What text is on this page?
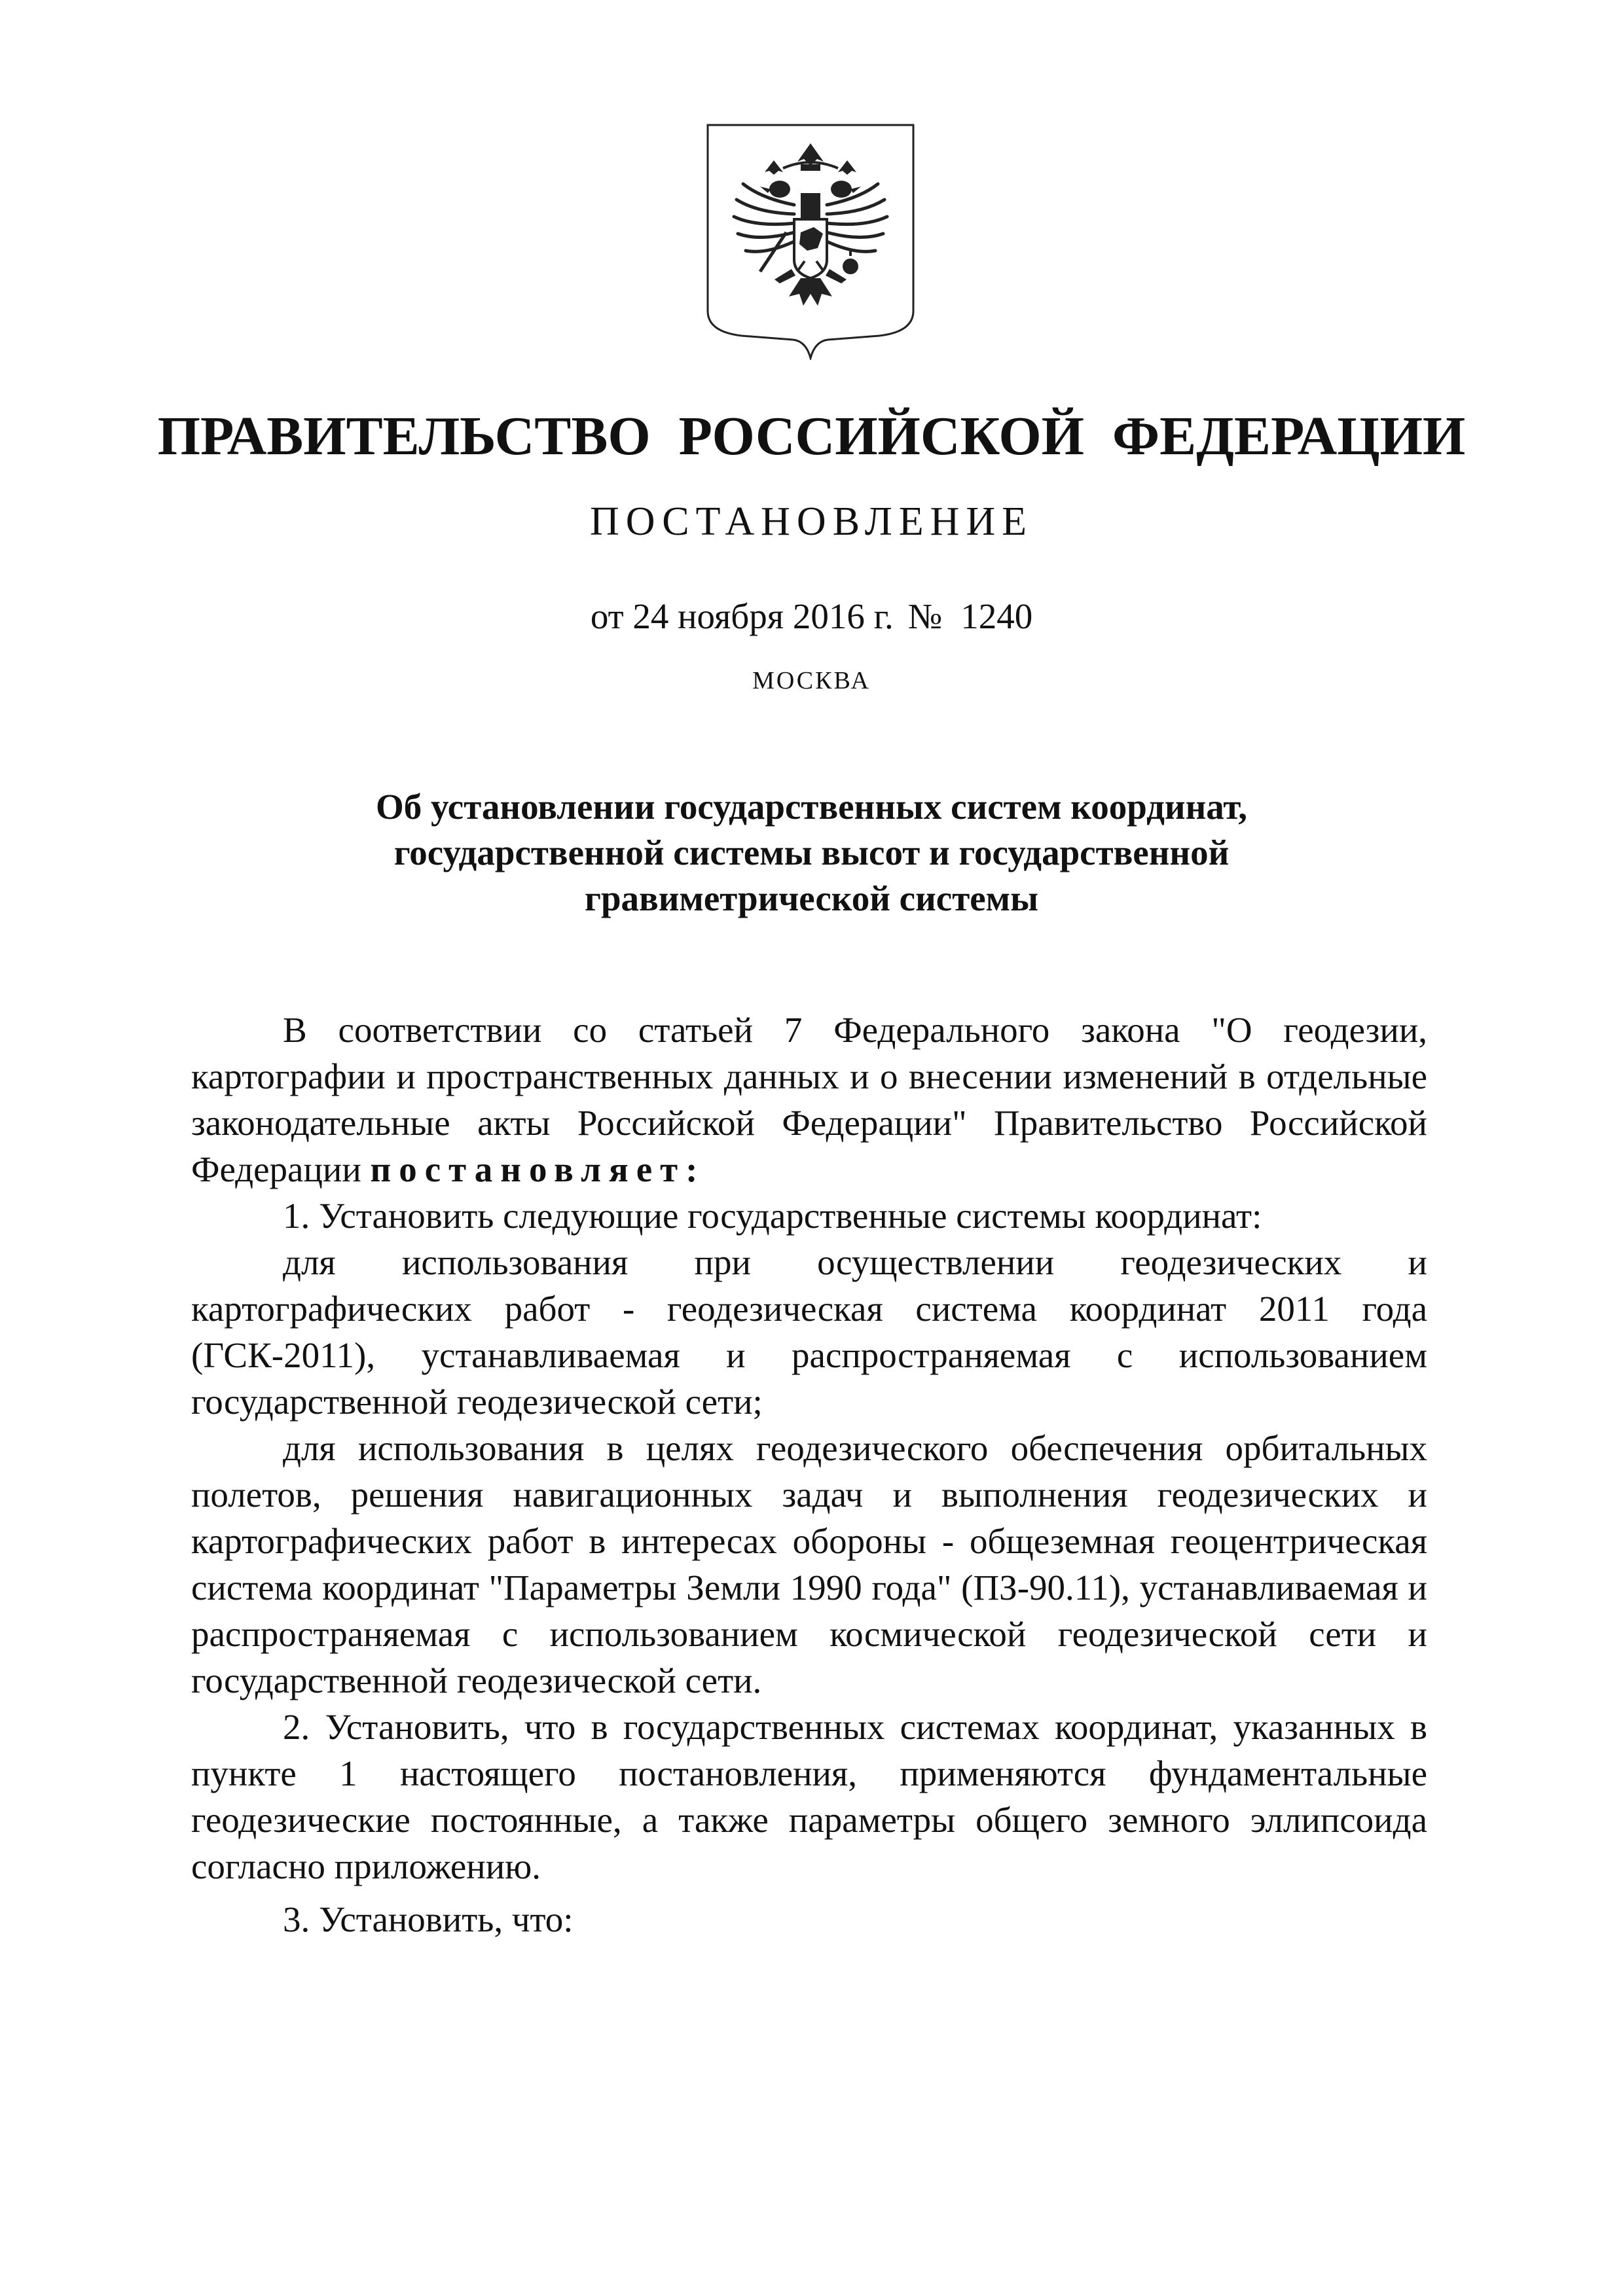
ПРАВИТЕЛЬСТВО РОССИЙСКОЙ ФЕДЕРАЦИИ
ПОСТАНОВЛЕНИЕ
от 24 ноября 2016 г. № 1240
МОСКВА
Об установлении государственных систем координат,
государственной системы высот и государственной
гравиметрической системы

В соответствии со статьей 7 Федерального закона "О геодезии, картографии и пространственных данных и о внесении изменений в отдельные законодательные акты Российской Федерации" Правительство Российской Федерации постановляет:

1. Установить следующие государственные системы координат:

для использования при осуществлении геодезических и картографических работ - геодезическая система координат 2011 года (ГСК-2011), устанавливаемая и распространяемая с использованием государственной геодезической сети;

для использования в целях геодезического обеспечения орбитальных полетов, решения навигационных задач и выполнения геодезических и картографических работ в интересах обороны - общеземная геоцентрическая система координат "Параметры Земли 1990 года" (ПЗ-90.11), устанавливаемая и распространяемая с использованием космической геодезической сети и государственной геодезической сети.

2. Установить, что в государственных системах координат, указанных в пункте 1 настоящего постановления, применяются фундаментальные геодезические постоянные, а также параметры общего земного эллипсоида согласно приложению.

3. Установить, что:
